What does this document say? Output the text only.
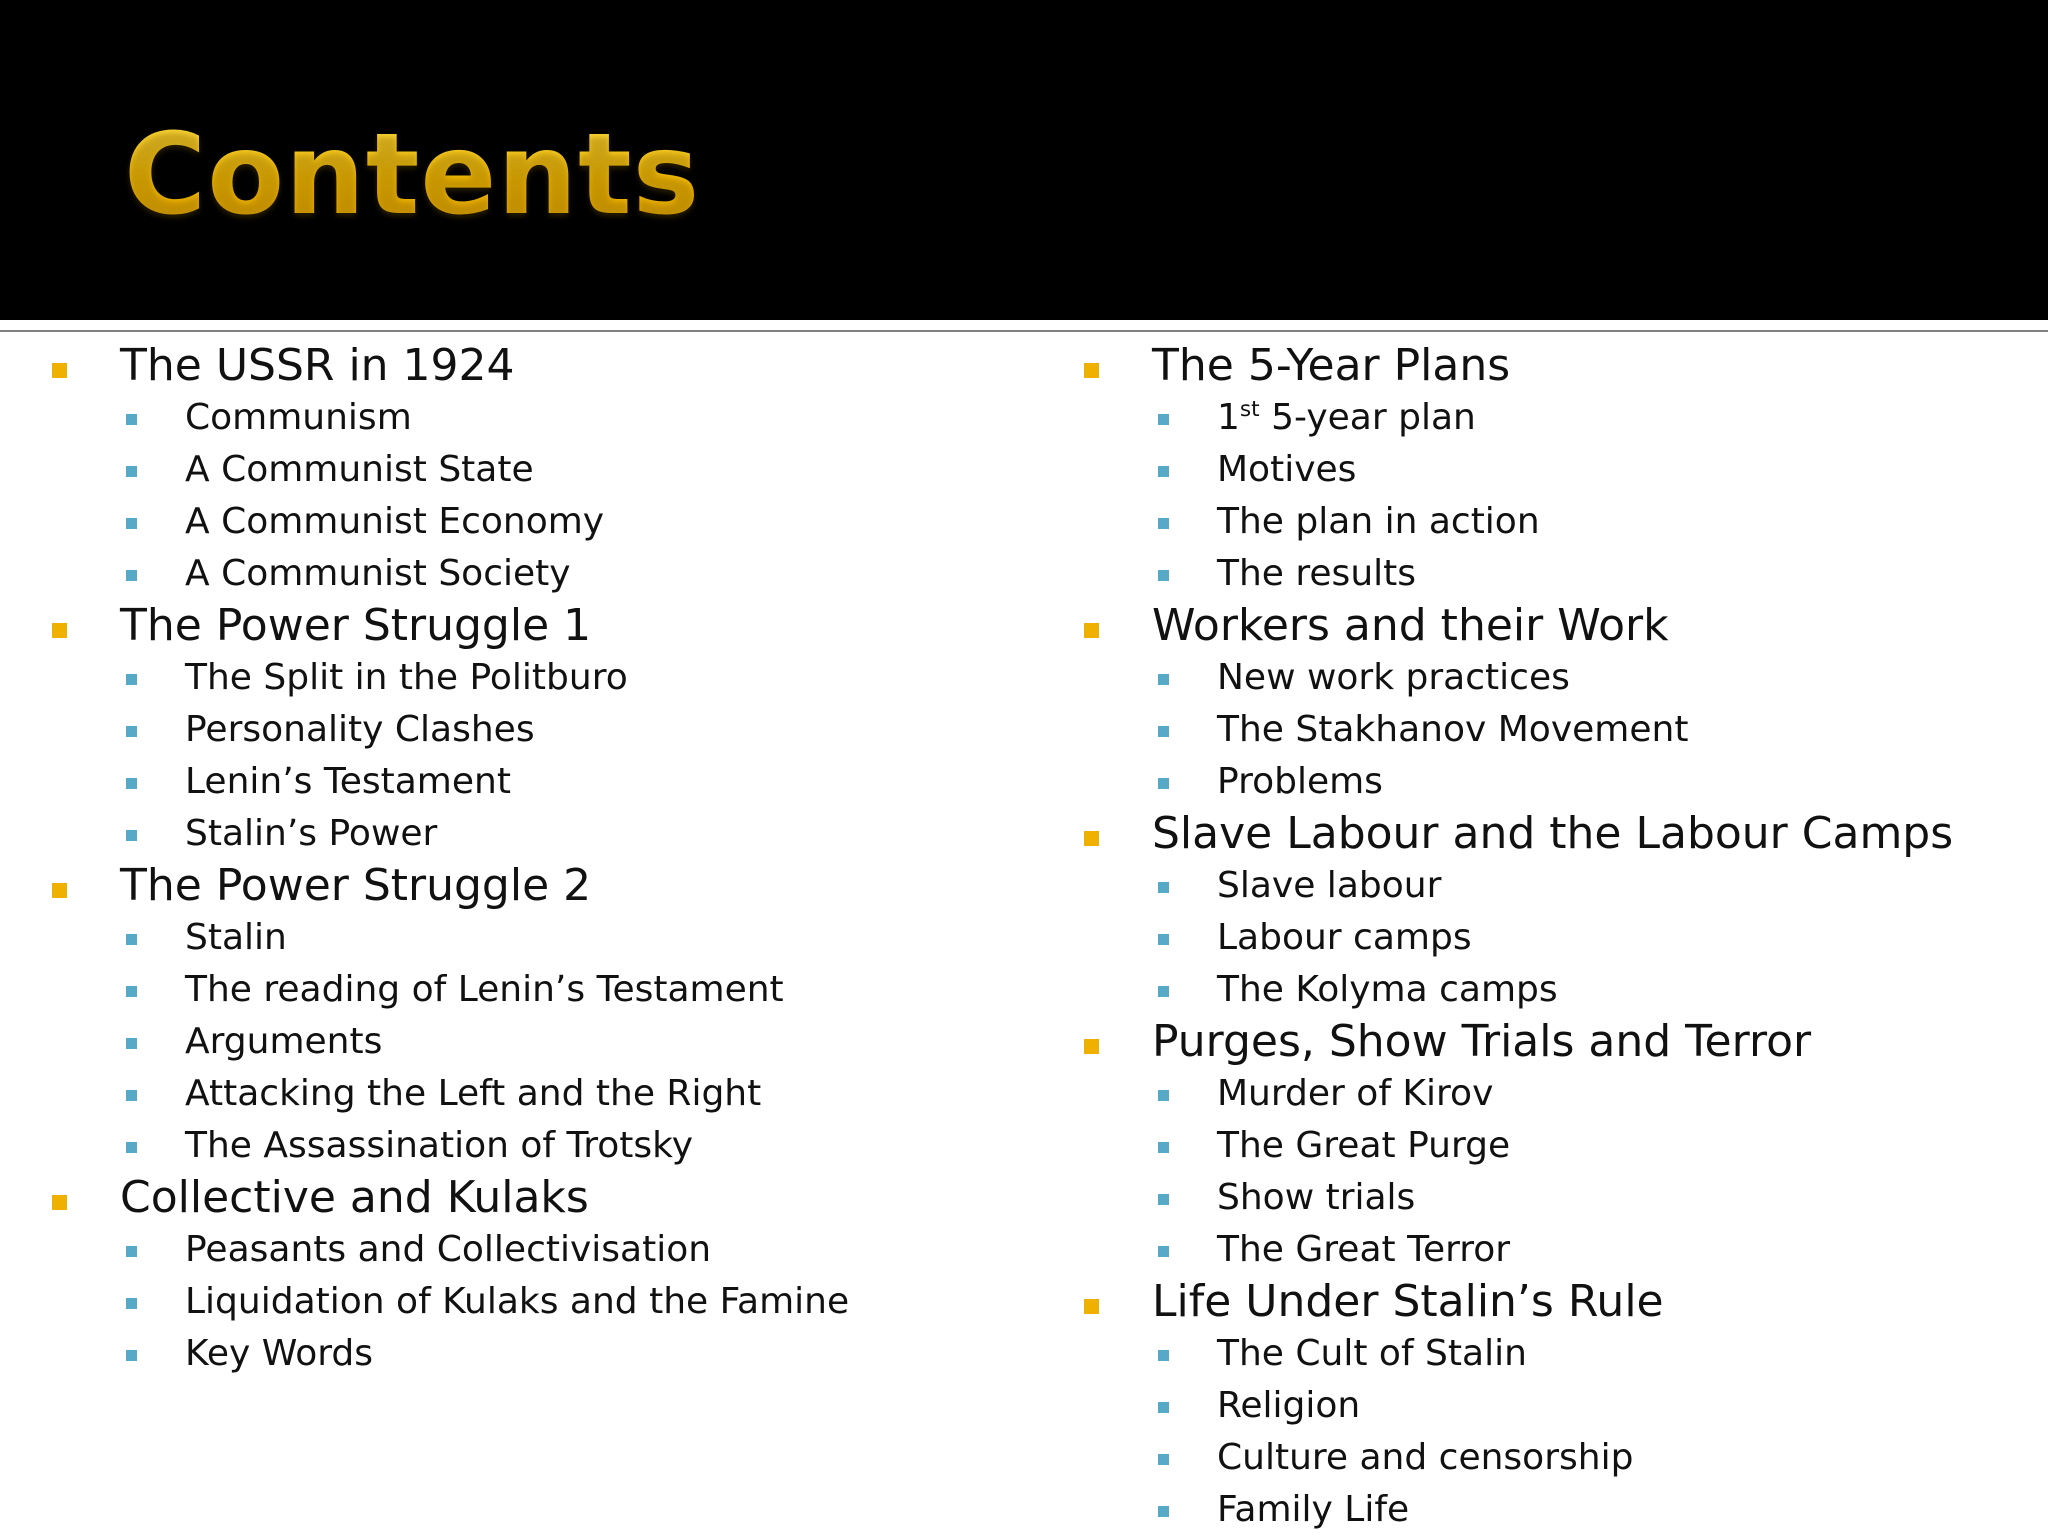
Contents
The USSR in 1924
Communism
A Communist State
A Communist Economy
A Communist Society
The Power Struggle 1
The Split in the Politburo
Personality Clashes
Lenin’s Testament
Stalin’s Power
The Power Struggle 2
Stalin
The reading of Lenin’s Testament
Arguments
Attacking the Left and the Right
The Assassination of Trotsky
Collective and Kulaks
Peasants and Collectivisation
Liquidation of Kulaks and the Famine
Key Words
The 5-Year Plans
1st 5-year plan
Motives
The plan in action
The results
Workers and their Work
New work practices
The Stakhanov Movement
Problems
Slave Labour and the Labour Camps
Slave labour
Labour camps
The Kolyma camps
Purges, Show Trials and Terror
Murder of Kirov
The Great Purge
Show trials
The Great Terror
Life Under Stalin’s Rule
The Cult of Stalin
Religion
Culture and censorship
Family Life
